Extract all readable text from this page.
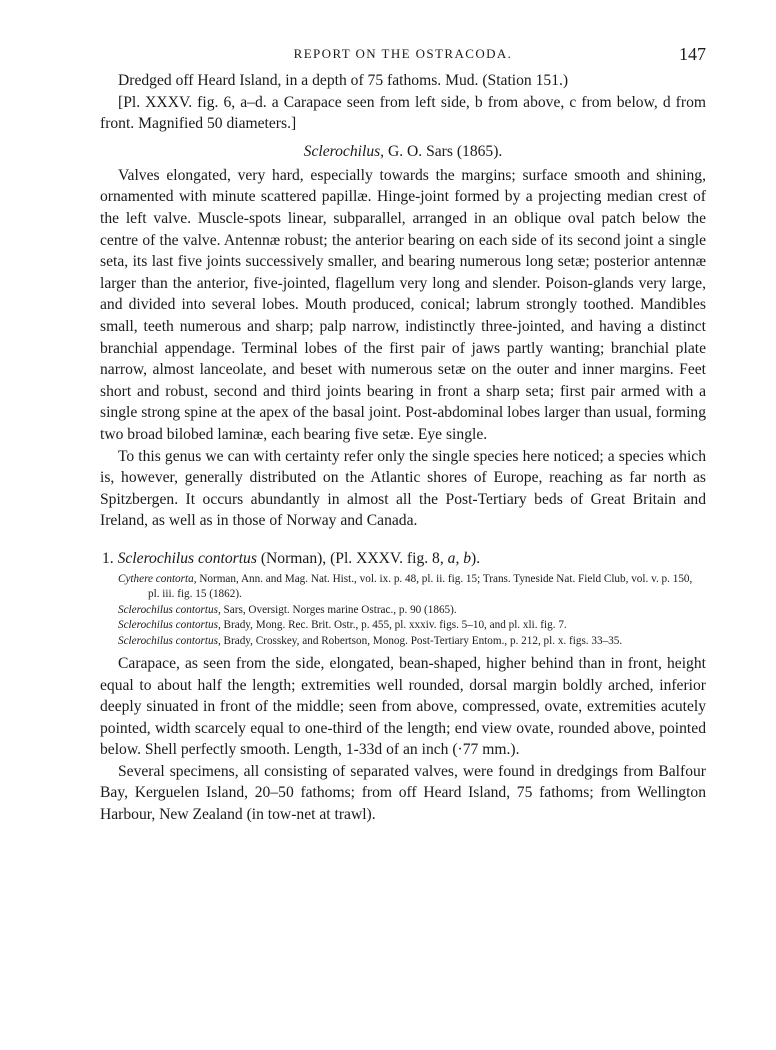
REPORT ON THE OSTRACODA.	147

Dredged off Heard Island, in a depth of 75 fathoms. Mud. (Station 151.)

[Pl. XXXV. fig. 6, a–d. a Carapace seen from left side, b from above, c from below, d from front. Magnified 50 diameters.]

Sclerochilus, G. O. Sars (1865).

Valves elongated, very hard, especially towards the margins; surface smooth and shining, ornamented with minute scattered papillæ. Hinge-joint formed by a projecting median crest of the left valve. Muscle-spots linear, subparallel, arranged in an oblique oval patch below the centre of the valve. Antennæ robust; the anterior bearing on each side of its second joint a single seta, its last five joints successively smaller, and bearing numerous long setæ; posterior antennæ larger than the anterior, five-jointed, flagellum very long and slender. Poison-glands very large, and divided into several lobes. Mouth produced, conical; labrum strongly toothed. Mandibles small, teeth numerous and sharp; palp narrow, indistinctly three-jointed, and having a distinct branchial appendage. Terminal lobes of the first pair of jaws partly wanting; branchial plate narrow, almost lanceolate, and beset with numerous setæ on the outer and inner margins. Feet short and robust, second and third joints bearing in front a sharp seta; first pair armed with a single strong spine at the apex of the basal joint. Post-abdominal lobes larger than usual, forming two broad bilobed laminæ, each bearing five setæ. Eye single.

To this genus we can with certainty refer only the single species here noticed; a species which is, however, generally distributed on the Atlantic shores of Europe, reaching as far north as Spitzbergen. It occurs abundantly in almost all the Post-Tertiary beds of Great Britain and Ireland, as well as in those of Norway and Canada.

1. Sclerochilus contortus (Norman), (Pl. XXXV. fig. 8, a, b).

Cythere contorta, Norman, Ann. and Mag. Nat. Hist., vol. ix. p. 48, pl. ii. fig. 15; Trans. Tyneside Nat. Field Club, vol. v. p. 150, pl. iii. fig. 15 (1862).

Sclerochilus contortus, Sars, Oversigt. Norges marine Ostrac., p. 90 (1865).

Sclerochilus contortus, Brady, Mong. Rec. Brit. Ostr., p. 455, pl. xxxiv. figs. 5–10, and pl. xli. fig. 7.

Sclerochilus contortus, Brady, Crosskey, and Robertson, Monog. Post-Tertiary Entom., p. 212, pl. x. figs. 33–35.

Carapace, as seen from the side, elongated, bean-shaped, higher behind than in front, height equal to about half the length; extremities well rounded, dorsal margin boldly arched, inferior deeply sinuated in front of the middle; seen from above, compressed, ovate, extremities acutely pointed, width scarcely equal to one-third of the length; end view ovate, rounded above, pointed below. Shell perfectly smooth. Length, 1-33d of an inch (·77 mm.).

Several specimens, all consisting of separated valves, were found in dredgings from Balfour Bay, Kerguelen Island, 20–50 fathoms; from off Heard Island, 75 fathoms; from Wellington Harbour, New Zealand (in tow-net at trawl).
